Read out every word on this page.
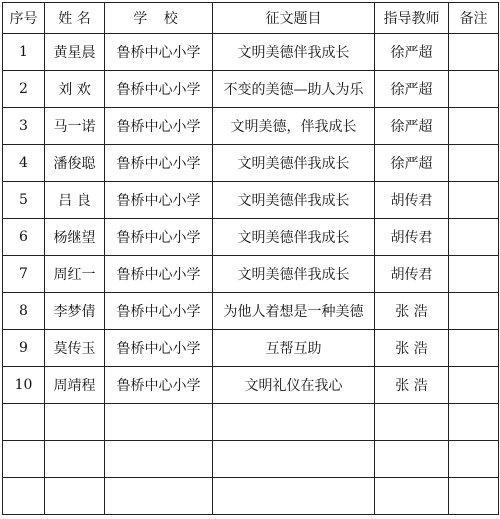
序号	姓 名	学 校	征文题目	指导教师	备注
1	黄星晨	鲁桥中心小学	文明美德伴我成长	徐严超	
2	刘 欢	鲁桥中心小学	不变的美德—助人为乐	徐严超	
3	马一诺	鲁桥中心小学	文明美德，伴我成长	徐严超	
4	潘俊聪	鲁桥中心小学	文明美德伴我成长	徐严超	
5	吕 良	鲁桥中心小学	文明美德伴我成长	胡传君	
6	杨继望	鲁桥中心小学	文明美德伴我成长	胡传君	
7	周红一	鲁桥中心小学	文明美德伴我成长	胡传君	
8	李梦倩	鲁桥中心小学	为他人着想是一种美德	张 浩	
9	莫传玉	鲁桥中心小学	互帮互助	张 浩	
10	周靖程	鲁桥中心小学	文明礼仪在我心	张 浩	
